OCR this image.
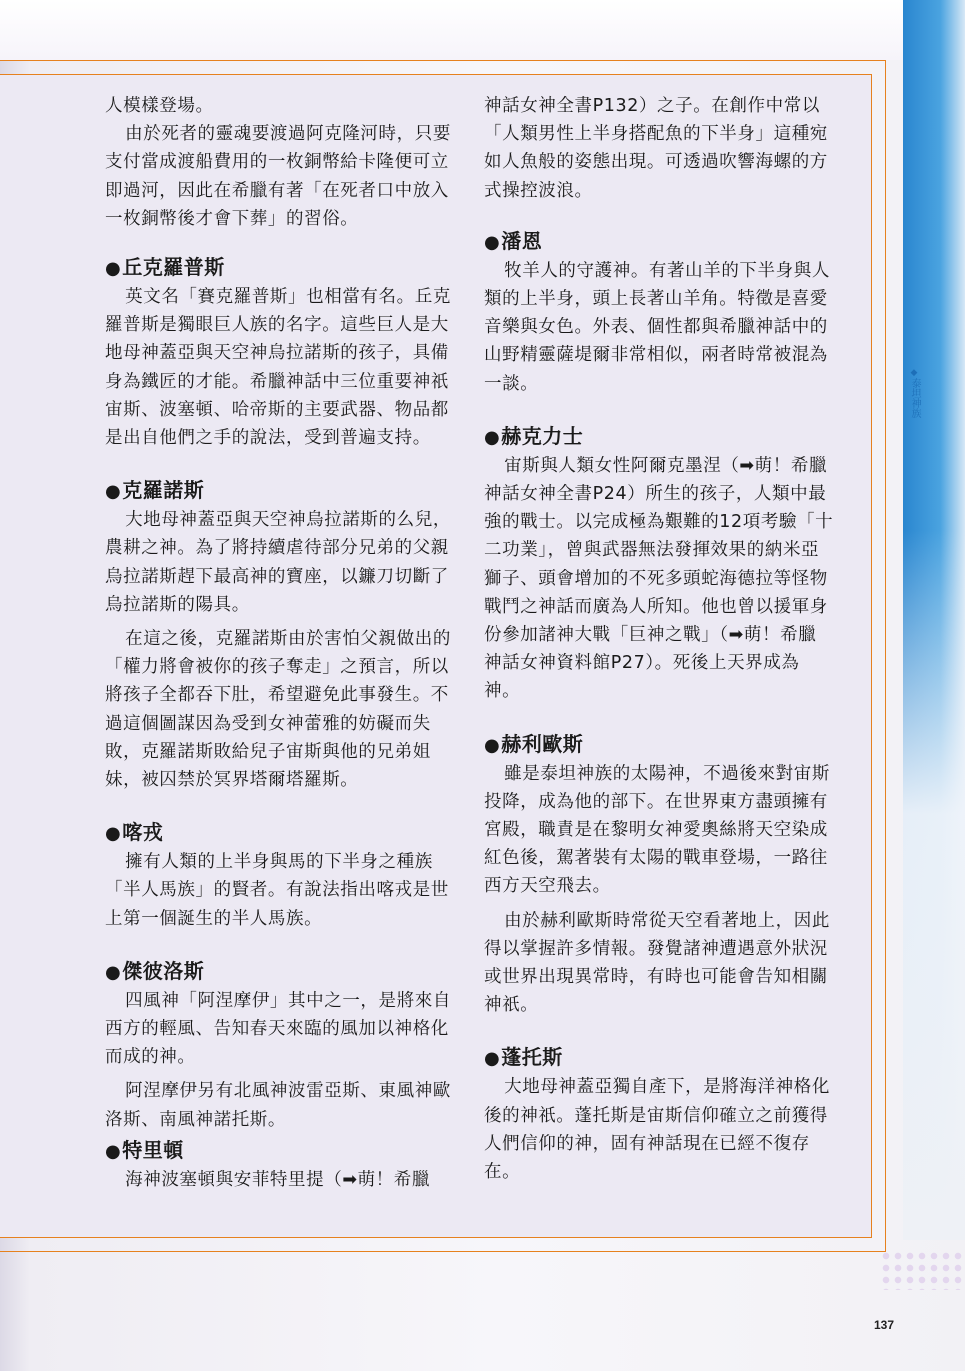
◆泰坦神族
137

人模樣登場。

由於死者的靈魂要渡過阿克隆河時，只要支付當成渡船費用的一枚銅幣給卡隆便可立即過河，因此在希臘有著「在死者口中放入一枚銅幣後才會下葬」的習俗。

●丘克羅普斯

英文名「賽克羅普斯」也相當有名。丘克羅普斯是獨眼巨人族的名字。這些巨人是大地母神蓋亞與天空神烏拉諾斯的孩子，具備身為鐵匠的才能。希臘神話中三位重要神祇宙斯、波塞頓、哈帝斯的主要武器、物品都是出自他們之手的說法，受到普遍支持。

●克羅諾斯

大地母神蓋亞與天空神烏拉諾斯的么兒，農耕之神。為了將持續虐待部分兄弟的父親烏拉諾斯趕下最高神的寶座，以鐮刀切斷了烏拉諾斯的陽具。

在這之後，克羅諾斯由於害怕父親做出的「權力將會被你的孩子奪走」之預言，所以將孩子全都吞下肚，希望避免此事發生。不過這個圖謀因為受到女神蕾雅的妨礙而失敗，克羅諾斯敗給兒子宙斯與他的兄弟姐妹，被囚禁於冥界塔爾塔羅斯。

●喀戎

擁有人類的上半身與馬的下半身之種族「半人馬族」的賢者。有說法指出喀戎是世上第一個誕生的半人馬族。

●傑彼洛斯

四風神「阿涅摩伊」其中之一，是將來自西方的輕風、告知春天來臨的風加以神格化而成的神。

阿涅摩伊另有北風神波雷亞斯、東風神歐洛斯、南風神諾托斯。

●特里頓

海神波塞頓與安菲特里提（➡萌！希臘

神話女神全書P132）之子。在創作中常以「人類男性上半身搭配魚的下半身」這種宛如人魚般的姿態出現。可透過吹響海螺的方式操控波浪。

●潘恩

牧羊人的守護神。有著山羊的下半身與人類的上半身，頭上長著山羊角。特徵是喜愛音樂與女色。外表、個性都與希臘神話中的山野精靈薩堤爾非常相似，兩者時常被混為一談。

●赫克力士

宙斯與人類女性阿爾克墨涅（➡萌！希臘神話女神全書P24）所生的孩子，人類中最強的戰士。以完成極為艱難的12項考驗「十二功業」，曾與武器無法發揮效果的納米亞獅子、頭會增加的不死多頭蛇海德拉等怪物戰鬥之神話而廣為人所知。他也曾以援軍身份參加諸神大戰「巨神之戰」（➡萌！希臘神話女神資料館P27）。死後上天界成為神。

●赫利歐斯

雖是泰坦神族的太陽神，不過後來對宙斯投降，成為他的部下。在世界東方盡頭擁有宮殿，職責是在黎明女神愛奧絲將天空染成紅色後，駕著裝有太陽的戰車登場，一路往西方天空飛去。

由於赫利歐斯時常從天空看著地上，因此得以掌握許多情報。發覺諸神遭遇意外狀況或世界出現異常時，有時也可能會告知相關神祇。

●蓬托斯

大地母神蓋亞獨自產下，是將海洋神格化後的神祇。蓬托斯是宙斯信仰確立之前獲得人們信仰的神，固有神話現在已經不復存在。
